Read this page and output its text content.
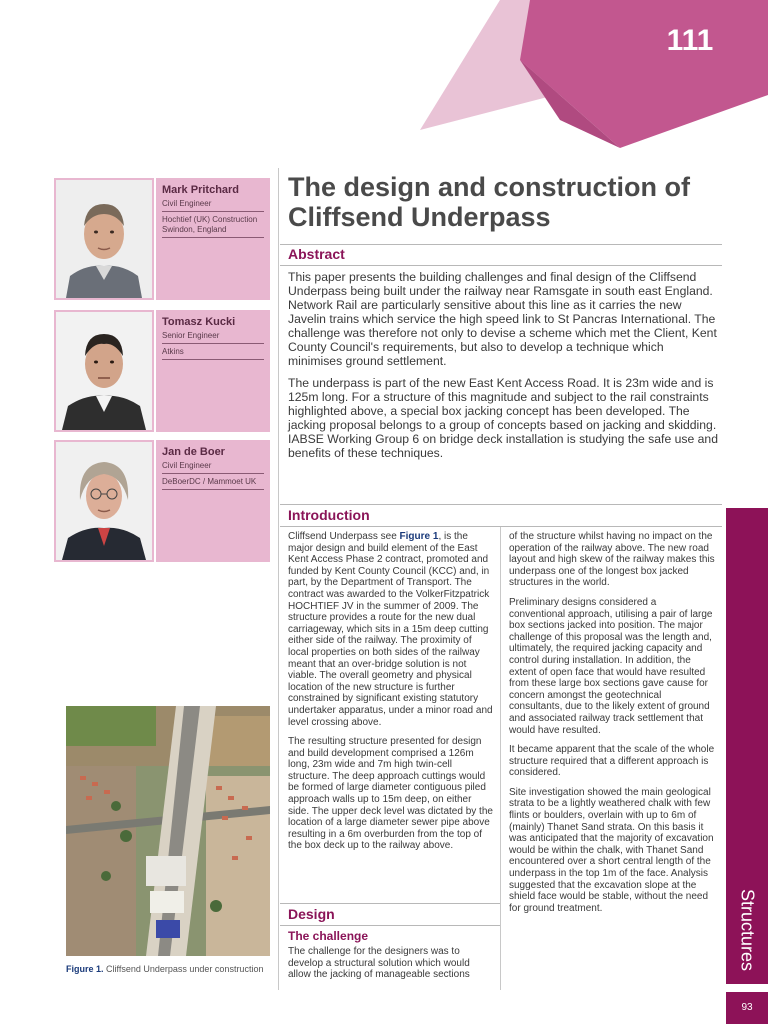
111
Mark Pritchard
Civil Engineer
Hochtief (UK) Construction Swindon, England
Tomasz Kucki
Senior Engineer
Atkins
Jan de Boer
Civil Engineer
DeBoerDC / Mammoet UK
The design and construction of Cliffsend Underpass
Abstract
This paper presents the building challenges and final design of the Cliffsend Underpass being built under the railway near Ramsgate in south east England. Network Rail are particularly sensitive about this line as it carries the new Javelin trains which service the high speed link to St Pancras International. The challenge was therefore not only to devise a scheme which met the Client, Kent County Council's requirements, but also to develop a technique which minimises ground settlement.
The underpass is part of the new East Kent Access Road. It is 23m wide and is 125m long. For a structure of this magnitude and subject to the rail constraints highlighted above, a special box jacking concept has been developed. The jacking proposal belongs to a group of concepts based on jacking and skidding. IABSE Working Group 6 on bridge deck installation is studying the safe use and benefits of these techniques.
Introduction

Cliffsend Underpass see Figure 1, is the major design and build element of the East Kent Access Phase 2 contract, promoted and funded by Kent County Council (KCC) and, in part, by the Department of Transport. The contract was awarded to the VolkerFitzpatrick HOCHTIEF JV in the summer of 2009. The structure provides a route for the new dual carriageway, which sits in a 15m deep cutting either side of the railway. The proximity of local properties on both sides of the railway meant that an over-bridge solution is not viable. The overall geometry and physical location of the new structure is further constrained by significant existing statutory undertaker apparatus, under a minor road and level crossing above.

The resulting structure presented for design and build development comprised a 126m long, 23m wide and 7m high twin-cell structure. The deep approach cuttings would be formed of large diameter contiguous piled approach walls up to 15m deep, on either side. The upper deck level was dictated by the location of a large diameter sewer pipe above resulting in a 6m overburden from the top of the box deck up to the railway above.

Design
The challenge
The challenge for the designers was to develop a structural solution which would allow the jacking of manageable sections

of the structure whilst having no impact on the operation of the railway above. The new road layout and high skew of the railway makes this underpass one of the longest box jacked structures in the world.

Preliminary designs considered a conventional approach, utilising a pair of large box sections jacked into position. The major challenge of this proposal was the length and, ultimately, the required jacking capacity and control during installation. In addition, the extent of open face that would have resulted from these large box sections gave cause for concern amongst the geotechnical consultants, due to the likely extent of ground and associated railway track settlement that would have resulted.

It became apparent that the scale of the whole structure required that a different approach is considered.

Site investigation showed the main geological strata to be a lightly weathered chalk with few flints or boulders, overlain with up to 6m of (mainly) Thanet Sand strata. On this basis it was anticipated that the majority of excavation would be within the chalk, with Thanet Sand encountered over a short central length of the underpass in the top 1m of the face. Analysis suggested that the excavation slope at the shield face would be stable, without the need for ground treatment.

Figure 1. Cliffsend Underpass under construction	Structures
93
